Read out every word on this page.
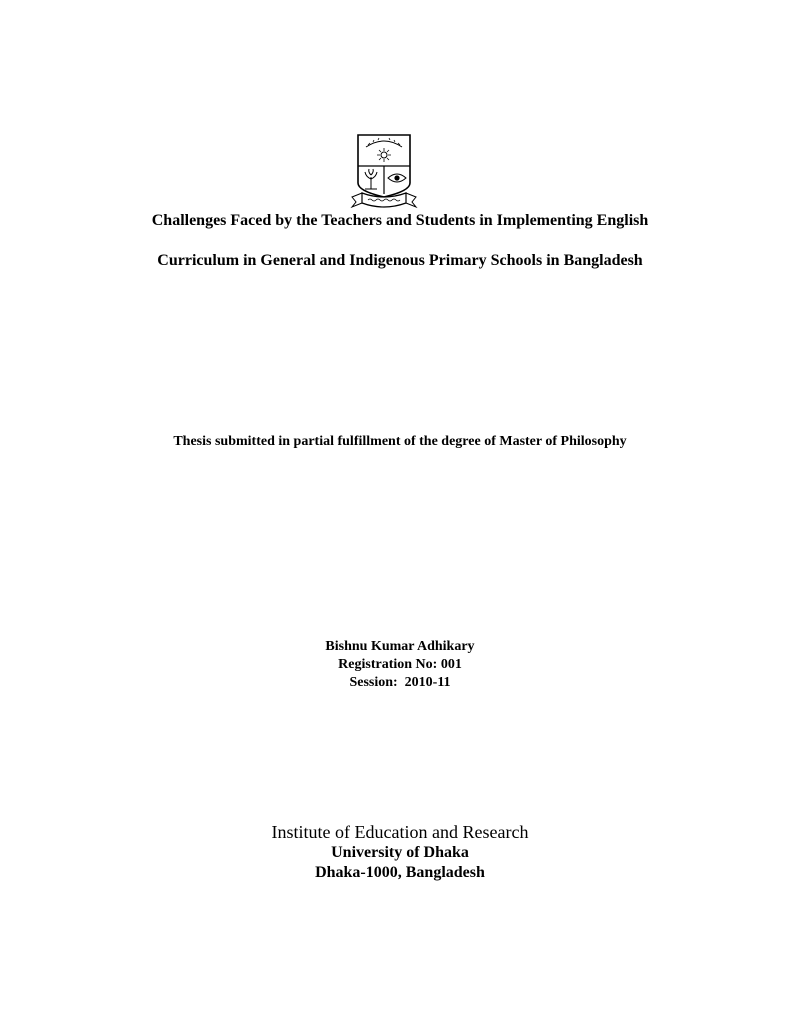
Challenges Faced by the Teachers and Students in Implementing English
Curriculum in General and Indigenous Primary Schools in Bangladesh
Thesis submitted in partial fulfillment of the degree of Master of Philosophy
Bishnu Kumar Adhikary
Registration No: 001
Session:  2010-11
Institute of Education and Research
University of Dhaka
Dhaka-1000, Bangladesh
